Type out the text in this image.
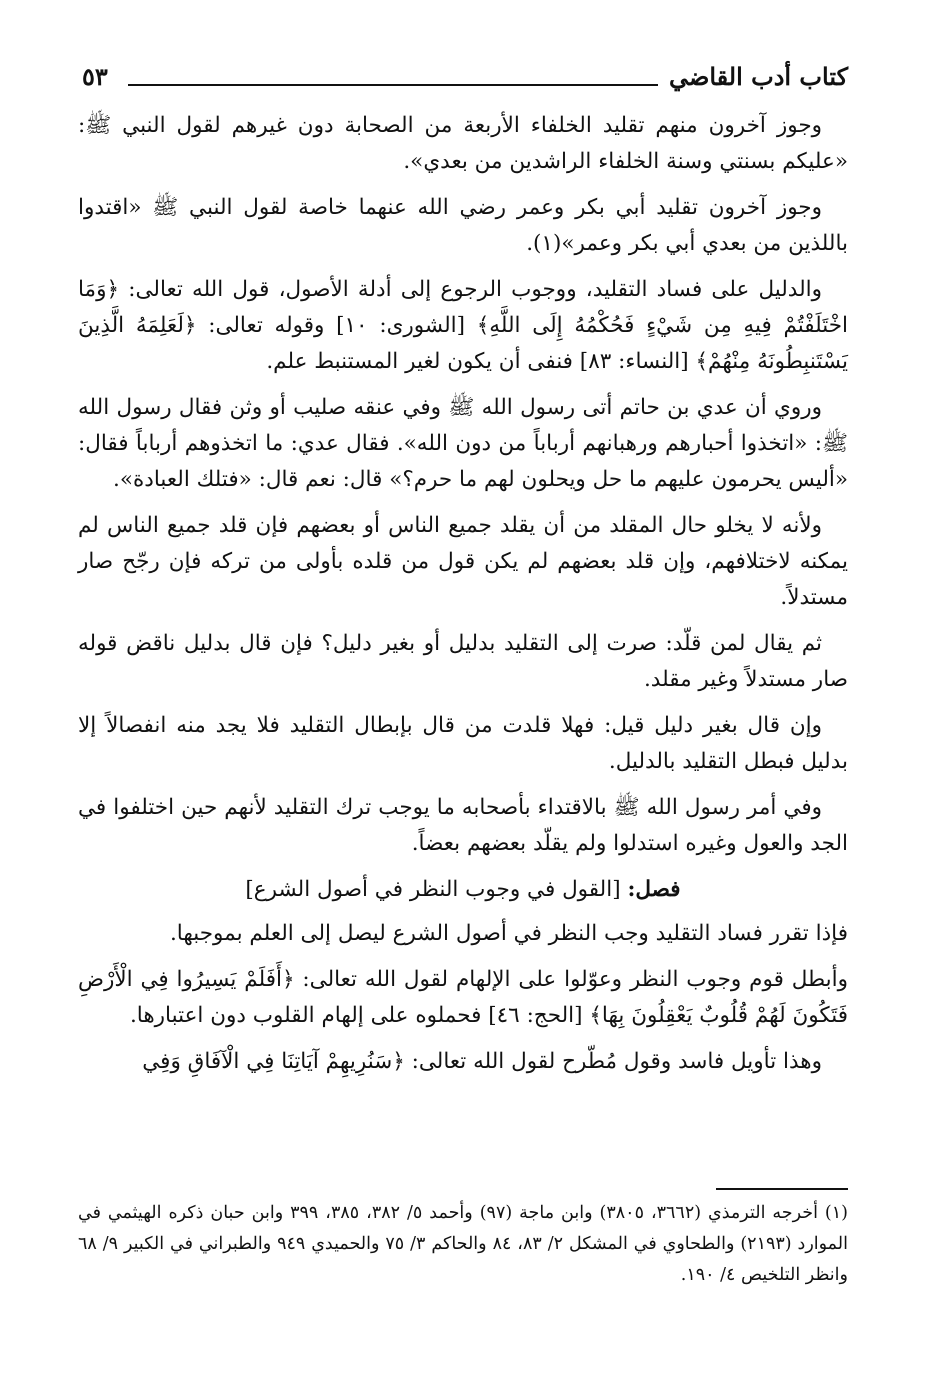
كتاب أدب القاضي
٥٣

وجوز آخرون منهم تقليد الخلفاء الأربعة من الصحابة دون غيرهم لقول النبي ﷺ: «عليكم بسنتي وسنة الخلفاء الراشدين من بعدي».

وجوز آخرون تقليد أبي بكر وعمر رضي الله عنهما خاصة لقول النبي ﷺ «اقتدوا باللذين من بعدي أبي بكر وعمر»(١).

والدليل على فساد التقليد، ووجوب الرجوع إلى أدلة الأصول، قول الله تعالى: ﴿وَمَا اخْتَلَفْتُمْ فِيهِ مِن شَيْءٍ فَحُكْمُهُ إِلَى اللَّهِ﴾ [الشورى: ١٠] وقوله تعالى: ﴿لَعَلِمَهُ الَّذِينَ يَسْتَنبِطُونَهُ مِنْهُمْ﴾ [النساء: ٨٣] فنفى أن يكون لغير المستنبط علم.

وروي أن عدي بن حاتم أتى رسول الله ﷺ وفي عنقه صليب أو وثن فقال رسول الله ﷺ: «اتخذوا أحبارهم ورهبانهم أرباباً من دون الله». فقال عدي: ما اتخذوهم أرباباً فقال: «أليس يحرمون عليهم ما حل ويحلون لهم ما حرم؟» قال: نعم قال: «فتلك العبادة».

ولأنه لا يخلو حال المقلد من أن يقلد جميع الناس أو بعضهم فإن قلد جميع الناس لم يمكنه لاختلافهم، وإن قلد بعضهم لم يكن قول من قلده بأولى من تركه فإن رجّح صار مستدلاً.

ثم يقال لمن قلّد: صرت إلى التقليد بدليل أو بغير دليل؟ فإن قال بدليل ناقض قوله صار مستدلاً وغير مقلد.

وإن قال بغير دليل قيل: فهلا قلدت من قال بإبطال التقليد فلا يجد منه انفصالاً إلا بدليل فبطل التقليد بالدليل.

وفي أمر رسول الله ﷺ بالاقتداء بأصحابه ما يوجب ترك التقليد لأنهم حين اختلفوا في الجد والعول وغيره استدلوا ولم يقلّد بعضهم بعضاً.

فصل: [القول في وجوب النظر في أصول الشرع]

فإذا تقرر فساد التقليد وجب النظر في أصول الشرع ليصل إلى العلم بموجبها.

وأبطل قوم وجوب النظر وعوّلوا على الإلهام لقول الله تعالى: ﴿أَفَلَمْ يَسِيرُوا فِي الْأَرْضِ فَتَكُونَ لَهُمْ قُلُوبٌ يَعْقِلُونَ بِهَا﴾ [الحج: ٤٦] فحملوه على إلهام القلوب دون اعتبارها.

وهذا تأويل فاسد وقول مُطّرح لقول الله تعالى: ﴿سَنُرِيهِمْ آيَاتِنَا فِي الْآفَاقِ وَفِي

(١) أخرجه الترمذي (٣٦٦٢، ٣٨٠٥) وابن ماجة (٩٧) وأحمد ٥/ ٣٨٢، ٣٨٥، ٣٩٩ وابن حبان ذكره الهيثمي في الموارد (٢١٩٣) والطحاوي في المشكل ٢/ ٨٣، ٨٤ والحاكم ٣/ ٧٥ والحميدي ٩٤٩ والطبراني في الكبير ٩/ ٦٨ وانظر التلخيص ٤/ ١٩٠.
